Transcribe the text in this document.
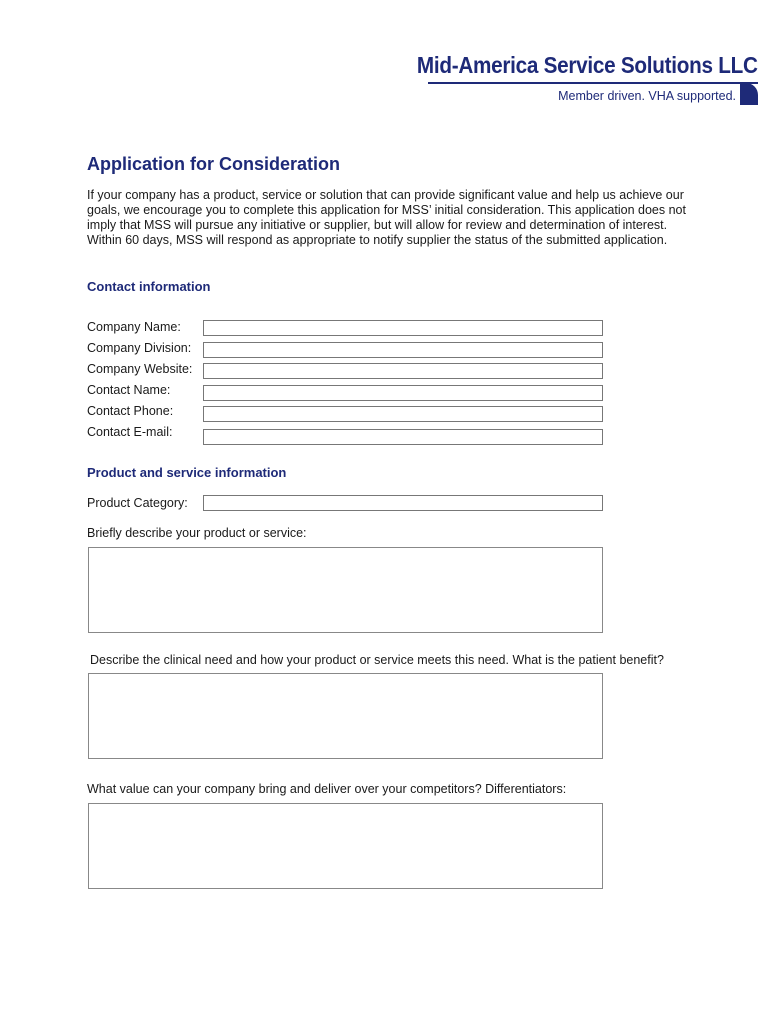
Mid-America Service Solutions LLC
Member driven. VHA supported.
Application for Consideration
If your company has a product, service or solution that can provide significant value and help us achieve our goals, we encourage you to complete this application for MSS’ initial consideration. This application does not imply that MSS will pursue any initiative or supplier, but will allow for review and determination of interest. Within 60 days, MSS will respond as appropriate to notify supplier the status of the submitted application.
Contact information
Company Name:
Company Division:
Company Website:
Contact Name:
Contact Phone:
Contact E-mail:
Product and service information
Product Category:
Briefly describe your product or service:
Describe the clinical need and how your product or service meets this need. What is the patient benefit?
What value can your company bring and deliver over your competitors? Differentiators:
